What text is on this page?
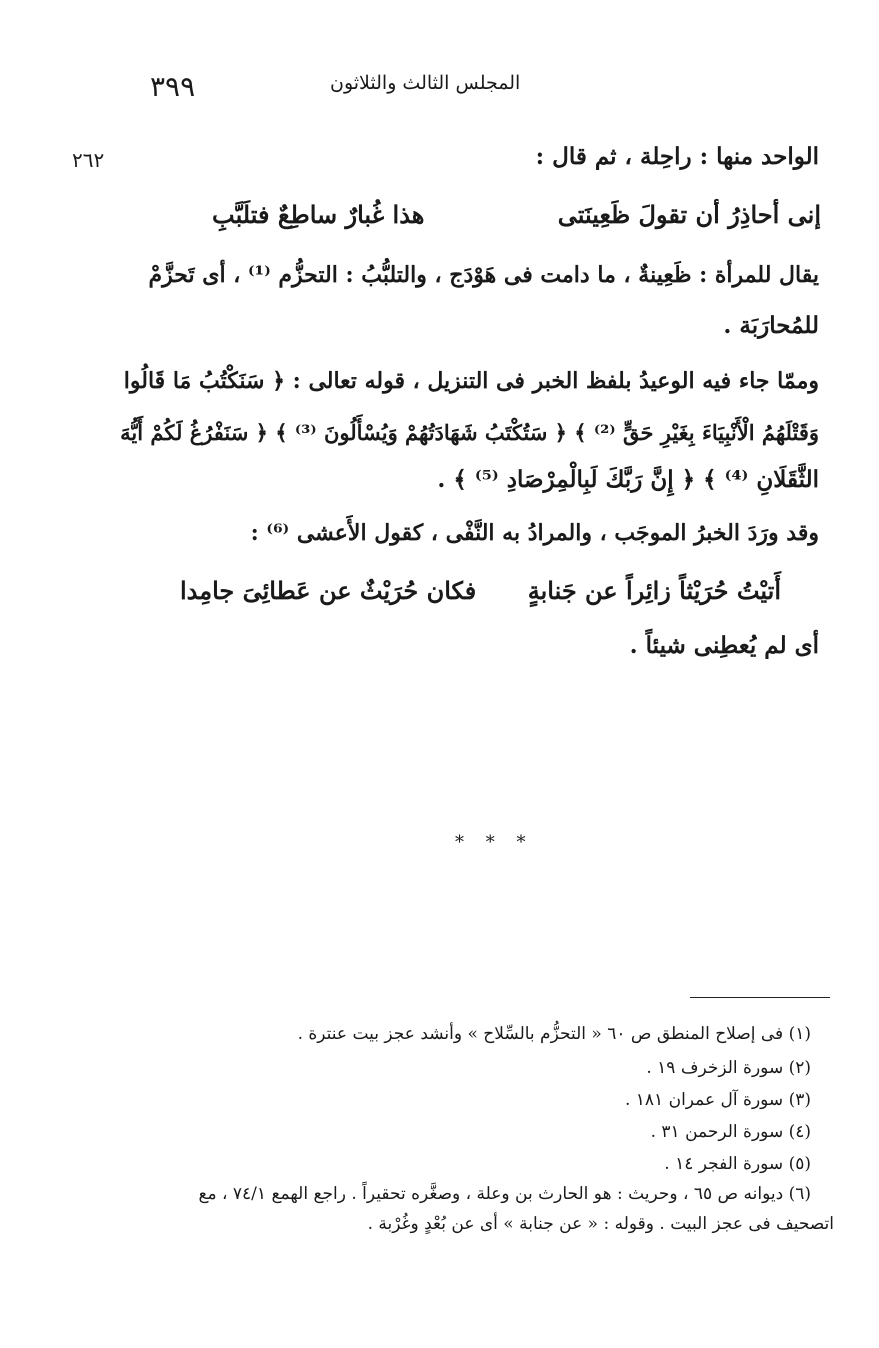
٣٩٩	المجلس الثالث والثلاثون
٢٦٢	الواحد منها : راحِلة ، ثم قال :
إنى أحاذِرُ أن تقولَ ظَعِينَتى
هذا غُبارٌ ساطِعٌ فتلَبَّبِ
يقال للمرأة : ظَعِينةٌ ، ما دامت فى هَوْدَج ، والتلبُّبُ : التحزُّم ⁽¹⁾ ، أى تَحزَّمْ
للمُحارَبَة .
وممّا جاء فيه الوعيدُ بلفظ الخبر فى التنزيل ، قوله تعالى : ﴿ سَنَكْتُبُ مَا قَالُوا
وَقَتْلَهُمُ الْأَنْبِيَاءَ بِغَيْرِ حَقٍّ ⁽²⁾ ﴾ ﴿ سَتُكْتَبُ شَهَادَتُهُمْ وَيُسْأَلُونَ ⁽³⁾ ﴾ ﴿ سَنَفْرُغُ لَكُمْ أَيُّهَ
الثَّقَلَانِ ⁽⁴⁾ ﴾ ﴿ إِنَّ رَبَّكَ لَبِالْمِرْصَادِ ⁽⁵⁾ ﴾ .
وقد ورَدَ الخبرُ الموجَب ، والمرادُ به النَّفْى ، كقول الأَعشى ⁽⁶⁾ :
أَتيْتُ حُرَيْثاً زائِراً عن جَنابةٍ
فكان حُرَيْثٌ عن عَطائِىَ جامِدا
أى لم يُعطِنى شيئاً .
* * *
(١) فى إصلاح المنطق ص ٦٠ « التحزُّم بالسِّلاح » وأنشد عجز بيت عنترة .
(٢) سورة الزخرف ١٩ .
(٣) سورة آل عمران ١٨١ .
(٤) سورة الرحمن ٣١ .
(٥) سورة الفجر ١٤ .
(٦) ديوانه ص ٦٥ ، وحريث : هو الحارث بن وعلة ، وصغَّره تحقيراً . راجع الهمع ٧٤/١ ، مع
اتصحيف فى عجز البيت . وقوله : « عن جنابة » أى عن بُعْدٍ وغُرْبة .
